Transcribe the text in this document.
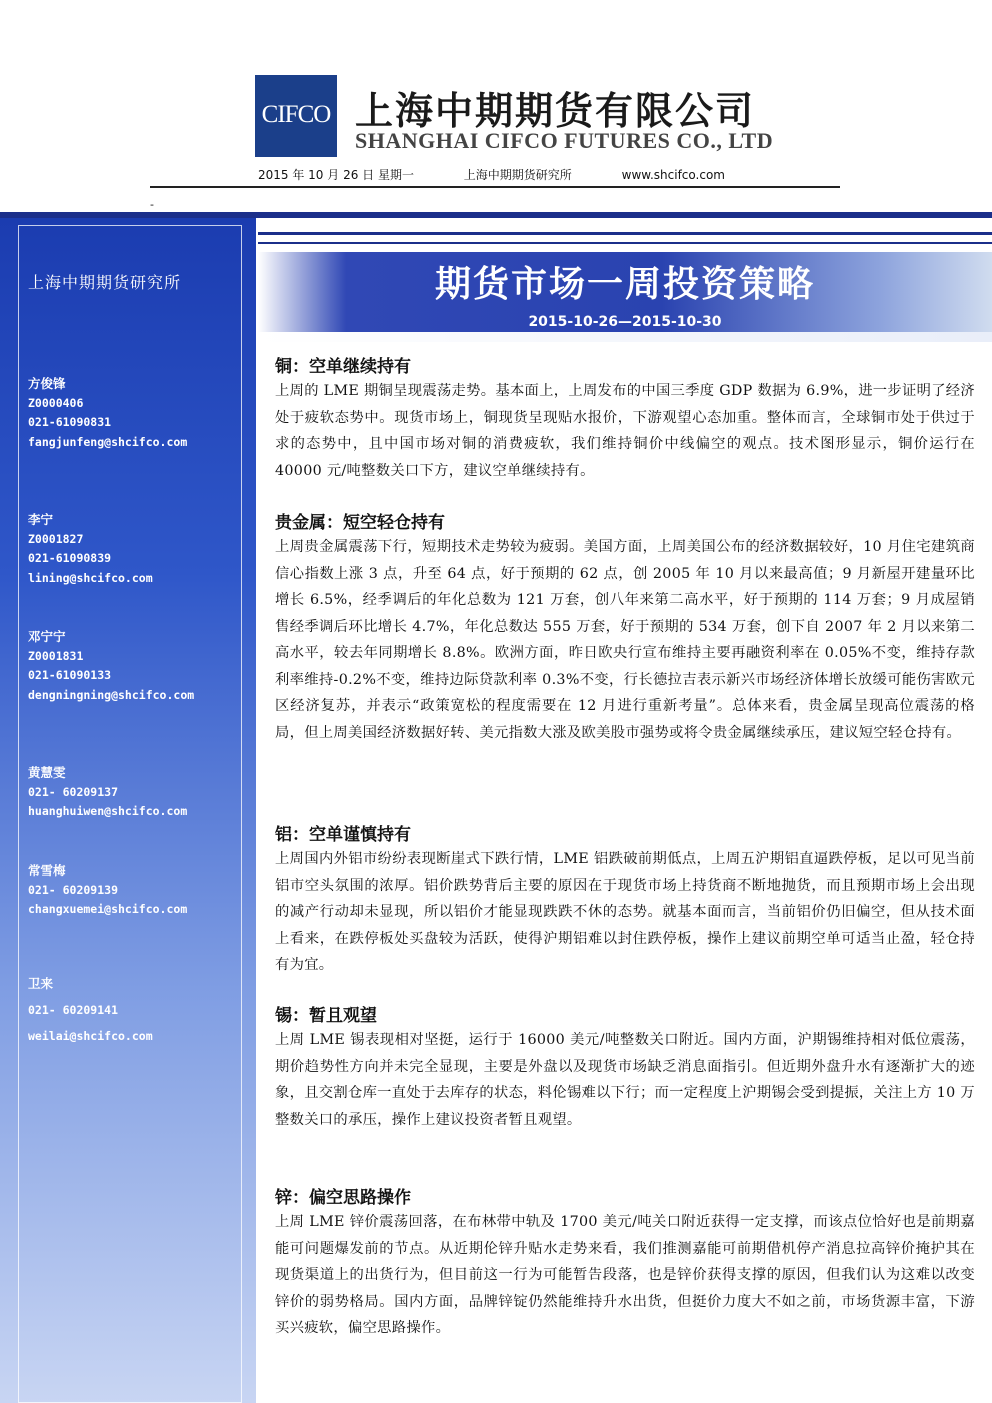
CIFCO 上海中期期货有限公司
SHANGHAI CIFCO FUTURES CO., LTD
2015 年 10 月 26 日 星期一	上海中期期货研究所	www.shcifco.com
-
上海中期期货研究所
方俊锋
Z0000406
021-61090831
fangjunfeng@shcifco.com
李宁
Z0001827
021-61090839
lining@shcifco.com
邓宁宁
Z0001831
021-61090133
dengningning@shcifco.com
黄慧雯
021- 60209137
huanghuiwen@shcifco.com
常雪梅
021- 60209139
changxuemei@shcifco.com
卫来
021- 60209141
weilai@shcifco.com
期货市场一周投资策略
2015-10-26—2015-10-30
铜：空单继续持有

上周的 LME 期铜呈现震荡走势。基本面上，上周发布的中国三季度 GDP 数据为 6.9%，进一步证明了经济处于疲软态势中。现货市场上，铜现货呈现贴水报价，下游观望心态加重。整体而言，全球铜市处于供过于求的态势中，且中国市场对铜的消费疲软，我们维持铜价中线偏空的观点。技术图形显示，铜价运行在 40000 元/吨整数关口下方，建议空单继续持有。

贵金属：短空轻仓持有

上周贵金属震荡下行，短期技术走势较为疲弱。美国方面，上周美国公布的经济数据较好，10 月住宅建筑商信心指数上涨 3 点，升至 64 点，好于预期的 62 点，创 2005 年 10 月以来最高值；9 月新屋开建量环比增长 6.5%，经季调后的年化总数为 121 万套，创八年来第二高水平，好于预期的 114 万套；9 月成屋销售经季调后环比增长 4.7%，年化总数达 555 万套，好于预期的 534 万套，创下自 2007 年 2 月以来第二高水平，较去年同期增长 8.8%。欧洲方面，昨日欧央行宣布维持主要再融资利率在 0.05%不变，维持存款利率维持-0.2%不变，维持边际贷款利率 0.3%不变，行长德拉吉表示新兴市场经济体增长放缓可能伤害欧元区经济复苏，并表示“政策宽松的程度需要在 12 月进行重新考量”。总体来看，贵金属呈现高位震荡的格局，但上周美国经济数据好转、美元指数大涨及欧美股市强势或将令贵金属继续承压，建议短空轻仓持有。

铝：空单谨慎持有

上周国内外铝市纷纷表现断崖式下跌行情，LME 铝跌破前期低点，上周五沪期铝直逼跌停板，足以可见当前铝市空头氛围的浓厚。铝价跌势背后主要的原因在于现货市场上持货商不断地抛货，而且预期市场上会出现的减产行动却未显现，所以铝价才能显现跌跌不休的态势。就基本面而言，当前铝价仍旧偏空，但从技术面上看来，在跌停板处买盘较为活跃，使得沪期铝难以封住跌停板，操作上建议前期空单可适当止盈，轻仓持有为宜。

锡：暂且观望

上周 LME 锡表现相对坚挺，运行于 16000 美元/吨整数关口附近。国内方面，沪期锡维持相对低位震荡，期价趋势性方向并未完全显现，主要是外盘以及现货市场缺乏消息面指引。但近期外盘升水有逐渐扩大的迹象，且交割仓库一直处于去库存的状态，料伦锡难以下行；而一定程度上沪期锡会受到提振，关注上方 10 万整数关口的承压，操作上建议投资者暂且观望。

锌：偏空思路操作

上周 LME 锌价震荡回落，在布林带中轨及 1700 美元/吨关口附近获得一定支撑，而该点位恰好也是前期嘉能可问题爆发前的节点。从近期伦锌升贴水走势来看，我们推测嘉能可前期借机停产消息拉高锌价掩护其在现货渠道上的出货行为，但目前这一行为可能暂告段落，也是锌价获得支撑的原因，但我们认为这难以改变锌价的弱势格局。国内方面，品牌锌锭仍然能维持升水出货，但挺价力度大不如之前，市场货源丰富，下游买兴疲软，偏空思路操作。
